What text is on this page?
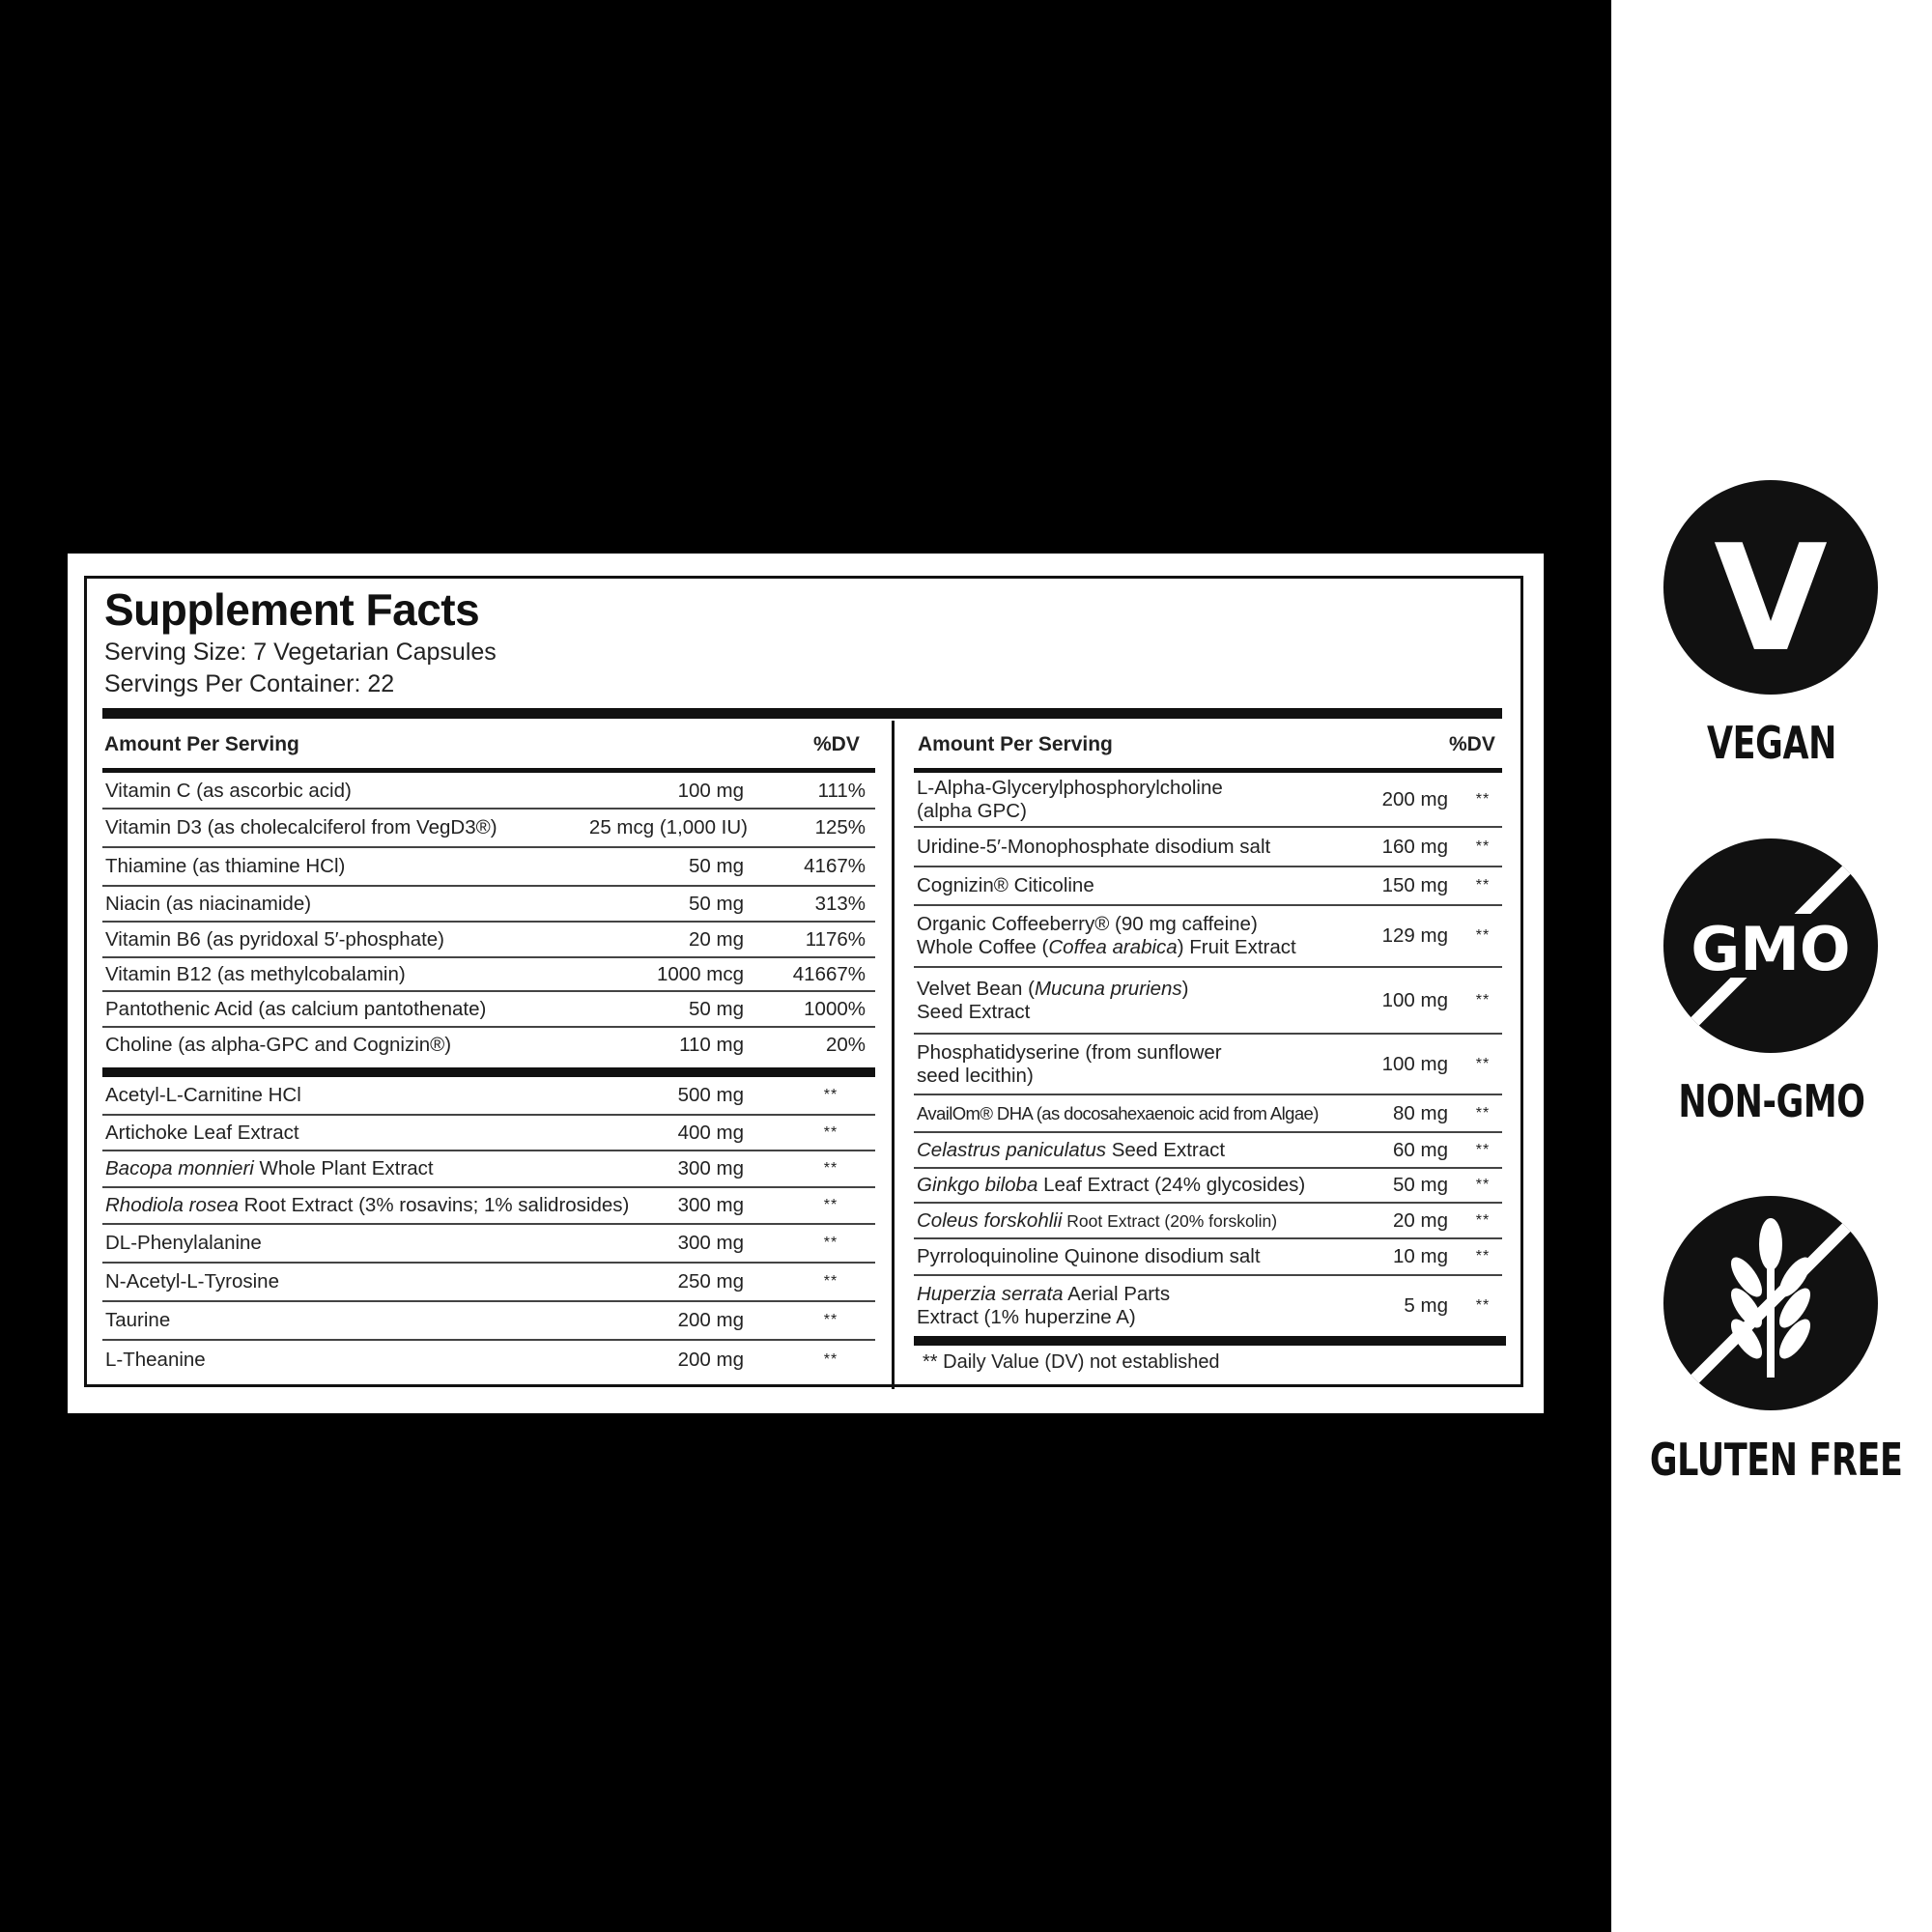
Supplement Facts
Serving Size: 7 Vegetarian Capsules
Servings Per Container: 22
Amount Per Serving	%DV	Amount Per Serving	%DV
Vitamin C (as ascorbic acid)	100 mg	111%
Vitamin D3 (as cholecalciferol from VegD3®)	25 mcg (1,000 IU)	125%
Thiamine (as thiamine HCl)	50 mg	4167%
Niacin (as niacinamide)	50 mg	313%
Vitamin B6 (as pyridoxal 5′-phosphate)	20 mg	1176%
Vitamin B12 (as methylcobalamin)	1000 mcg 41667%
Pantothenic Acid (as calcium pantothenate)	50 mg	1000%
Choline (as alpha-GPC and Cognizin®)	110 mg	20%
Acetyl-L-Carnitine HCl	500 mg	**
Artichoke Leaf Extract	400 mg	**
Bacopa monnieri Whole Plant Extract	300 mg	**
Rhodiola rosea Root Extract (3% rosavins; 1% salidrosides) 300 mg	**
DL-Phenylalanine	300 mg	**
N-Acetyl-L-Tyrosine	250 mg	**
Taurine	200 mg	**
L-Theanine	200 mg	**
L-Alpha-Glycerylphosphorylcholine
(alpha GPC)
200 mg	**
Uridine-5′-Monophosphate disodium salt	160 mg	**
Cognizin® Citicoline	150 mg	**
Organic Coffeeberry® (90 mg caffeine)
Whole Coffee (Coffea arabica) Fruit Extract
129 mg	**
Velvet Bean (Mucuna pruriens)
Seed Extract
100 mg	**
Phosphatidyserine (from sunflower
seed lecithin)
100 mg	**
AvailOm® DHA (as docosahexaenoic acid from Algae)	80 mg	**
Celastrus paniculatus Seed Extract	60 mg	**
Ginkgo biloba Leaf Extract (24% glycosides)	50 mg	**
Coleus forskohlii Root Extract (20% forskolin)	20 mg	**
Pyrroloquinoline Quinone disodium salt	10 mg	**
Huperzia serrata Aerial Parts
Extract (1% huperzine A)
5 mg	**
** Daily Value (DV) not established
V
VEGAN
GMO
NON-GMO
GLUTEN FREE
